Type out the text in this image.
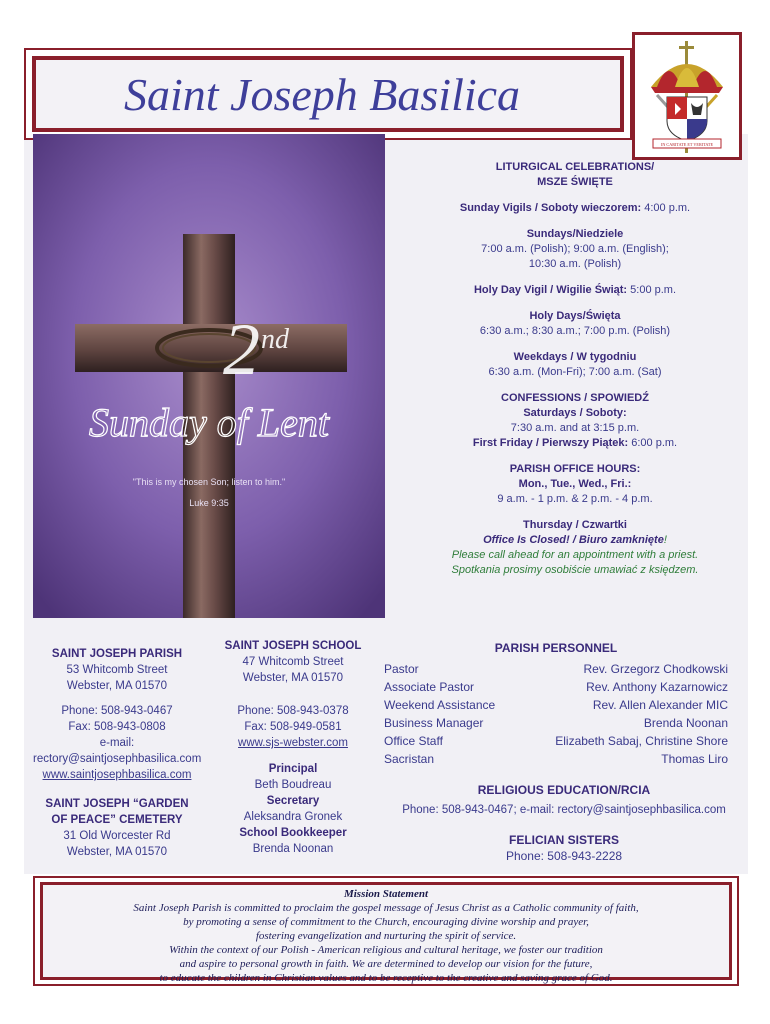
Saint Joseph Basilica
IN CARITATE ET VERITATE
2 nd
Sunday of Lent
"This is my chosen Son; listen to him."
Luke 9:35
LITURGICAL CELEBRATIONS/
MSZE ŚWIĘTE
Sunday Vigils / Soboty wieczorem: 4:00 p.m.
Sundays/Niedziele
7:00 a.m. (Polish); 9:00 a.m. (English);
10:30 a.m. (Polish)
Holy Day Vigil / Wigilie Świąt: 5:00 p.m.
Holy Days/Święta
6:30 a.m.; 8:30 a.m.; 7:00 p.m. (Polish)
Weekdays / W tygodniu
6:30 a.m. (Mon-Fri); 7:00 a.m. (Sat)
CONFESSIONS / SPOWIEDŹ
Saturdays / Soboty:
7:30 a.m. and at 3:15 p.m.
First Friday / Pierwszy Piątek: 6:00 p.m.
PARISH OFFICE HOURS:
Mon., Tue., Wed., Fri.:
9 a.m. - 1 p.m. & 2 p.m. - 4 p.m.
Thursday / Czwartki
Office Is Closed! / Biuro zamknięte!
Please call ahead for an appointment with a priest.
Spotkania prosimy osobiście umawiać z księdzem.
SAINT JOSEPH PARISH
53 Whitcomb Street
Webster, MA 01570
Phone: 508-943-0467
Fax: 508-943-0808
e-mail:
rectory@saintjosephbasilica.com
www.saintjosephbasilica.com
SAINT JOSEPH “GARDEN
OF PEACE” CEMETERY
31 Old Worcester Rd
Webster, MA 01570
SAINT JOSEPH SCHOOL
47 Whitcomb Street
Webster, MA 01570
Phone: 508-943-0378
Fax: 508-949-0581
www.sjs-webster.com
Principal
Beth Boudreau
Secretary
Aleksandra Gronek
School Bookkeeper
Brenda Noonan
PARISH PERSONNEL
Pastor	Rev. Grzegorz Chodkowski
Associate Pastor	Rev. Anthony Kazarnowicz
Weekend Assistance	Rev. Allen Alexander MIC
Business Manager	Brenda Noonan
Office Staff	Elizabeth Sabaj, Christine Shore
Sacristan	Thomas Liro
RELIGIOUS EDUCATION/RCIA
Phone: 508-943-0467; e-mail: rectory@saintjosephbasilica.com
FELICIAN SISTERS
Phone: 508-943-2228
Mission Statement
Saint Joseph Parish is committed to proclaim the gospel message of Jesus Christ as a Catholic community of faith,
by promoting a sense of commitment to the Church, encouraging divine worship and prayer,
fostering evangelization and nurturing the spirit of service.
Within the context of our Polish - American religious and cultural heritage, we foster our tradition
and aspire to personal growth in faith. We are determined to develop our vision for the future,
to educate the children in Christian values and to be receptive to the creative and saving grace of God.
